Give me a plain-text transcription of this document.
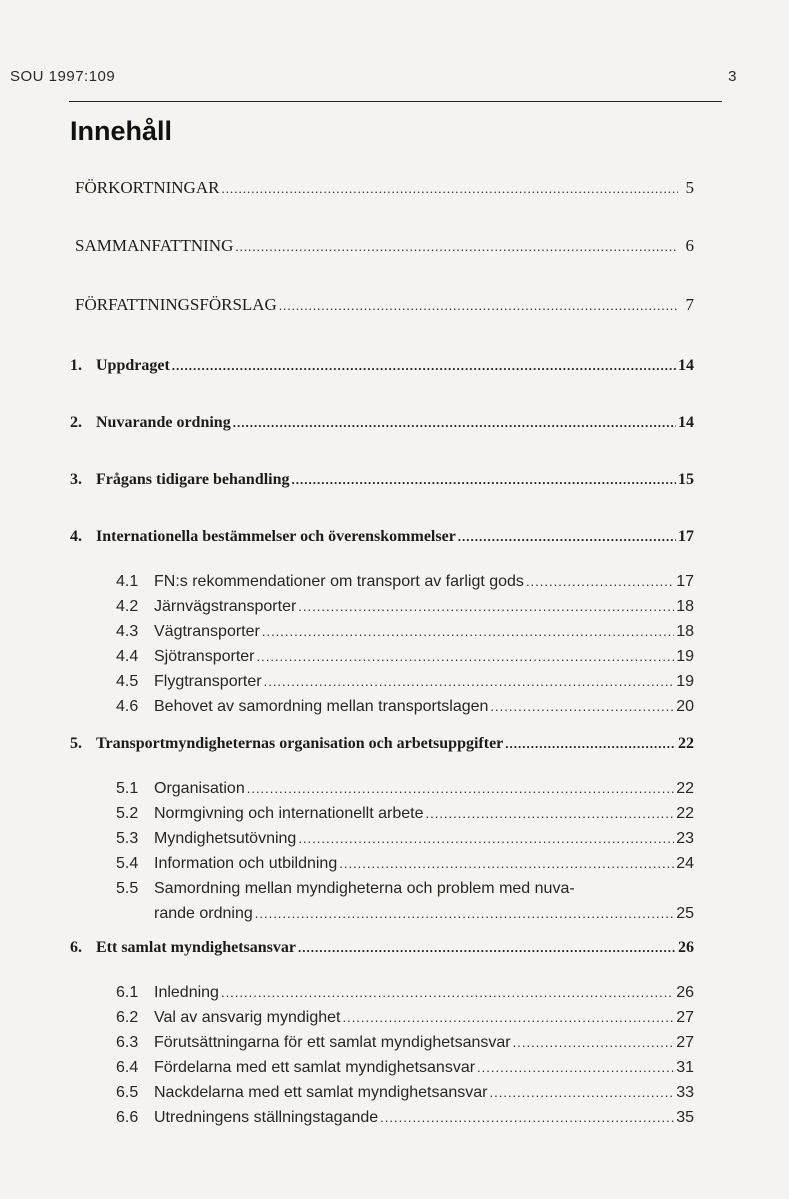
SOU 1997:109	3
Innehåll
FÖRKORTNINGAR .....	5
SAMMANFATTNING .....	6
FÖRFATTNINGSFÖRSLAG .....	7
1. Uppdraget .....	14
2. Nuvarande ordning .....	14
3. Frågans tidigare behandling .....	15
4. Internationella bestämmelser och överenskommelser .....	17
4.1 FN:s rekommendationer om transport av farligt gods .....	17
4.2 Järnvägstransporter .....	18
4.3 Vägtransporter .....	18
4.4 Sjötransporter .....	19
4.5 Flygtransporter .....	19
4.6 Behovet av samordning mellan transportslagen .....	20
5. Transportmyndigheternas organisation och arbetsuppgifter .....	22
5.1 Organisation .....	22
5.2 Normgivning och internationellt arbete .....	22
5.3 Myndighetsutövning .....	23
5.4 Information och utbildning .....	24
5.5 Samordning mellan myndigheterna och problem med nuva-
rande ordning .....	25
6. Ett samlat myndighetsansvar .....	26
6.1 Inledning .....	26
6.2 Val av ansvarig myndighet .....	27
6.3 Förutsättningarna för ett samlat myndighetsansvar .....	27
6.4 Fördelarna med ett samlat myndighetsansvar .....	31
6.5 Nackdelarna med ett samlat myndighetsansvar .....	33
6.6 Utredningens ställningstagande .....	35
